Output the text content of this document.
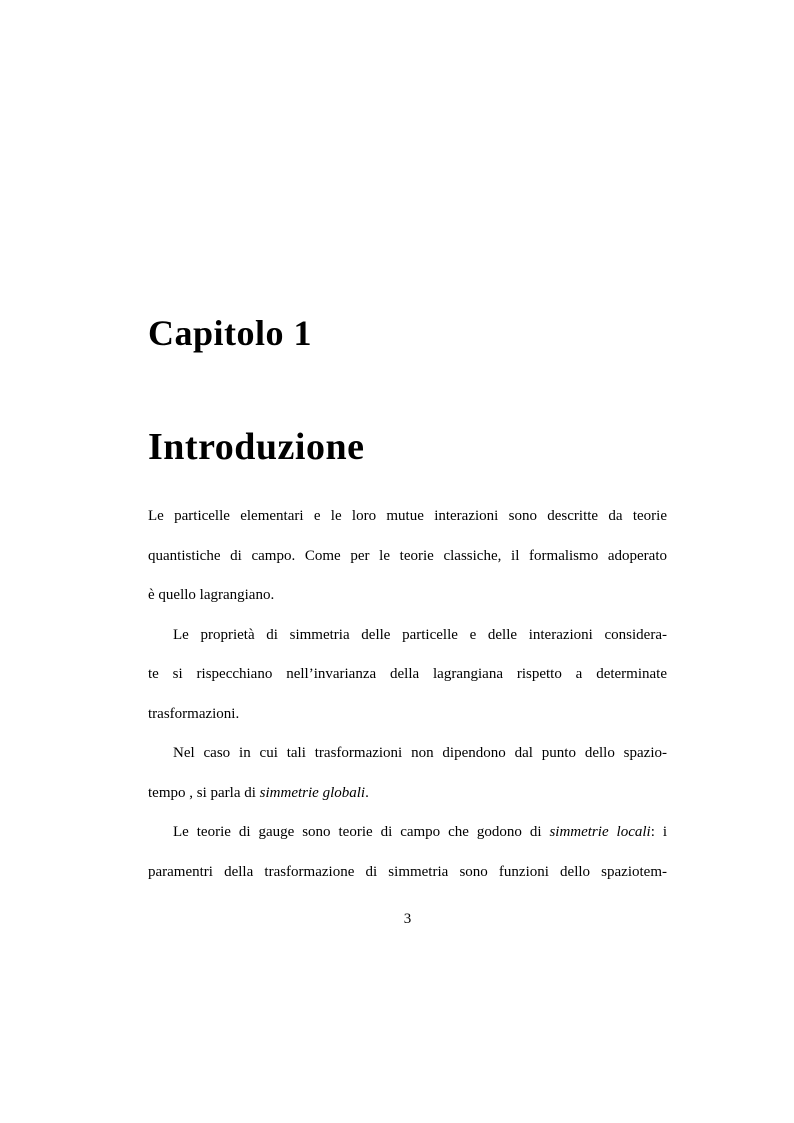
Capitolo 1
Introduzione
Le particelle elementari e le loro mutue interazioni sono descritte da teorie
quantistiche di campo. Come per le teorie classiche, il formalismo adoperato
è quello lagrangiano.
Le proprietà di simmetria delle particelle e delle interazioni considera-
te si rispecchiano nell’invarianza della lagrangiana rispetto a determinate
trasformazioni.
Nel caso in cui tali trasformazioni non dipendono dal punto dello spazio-
tempo , si parla di simmetrie globali.
Le teorie di gauge sono teorie di campo che godono di simmetrie locali: i
paramentri della trasformazione di simmetria sono funzioni dello spaziotem-
3
